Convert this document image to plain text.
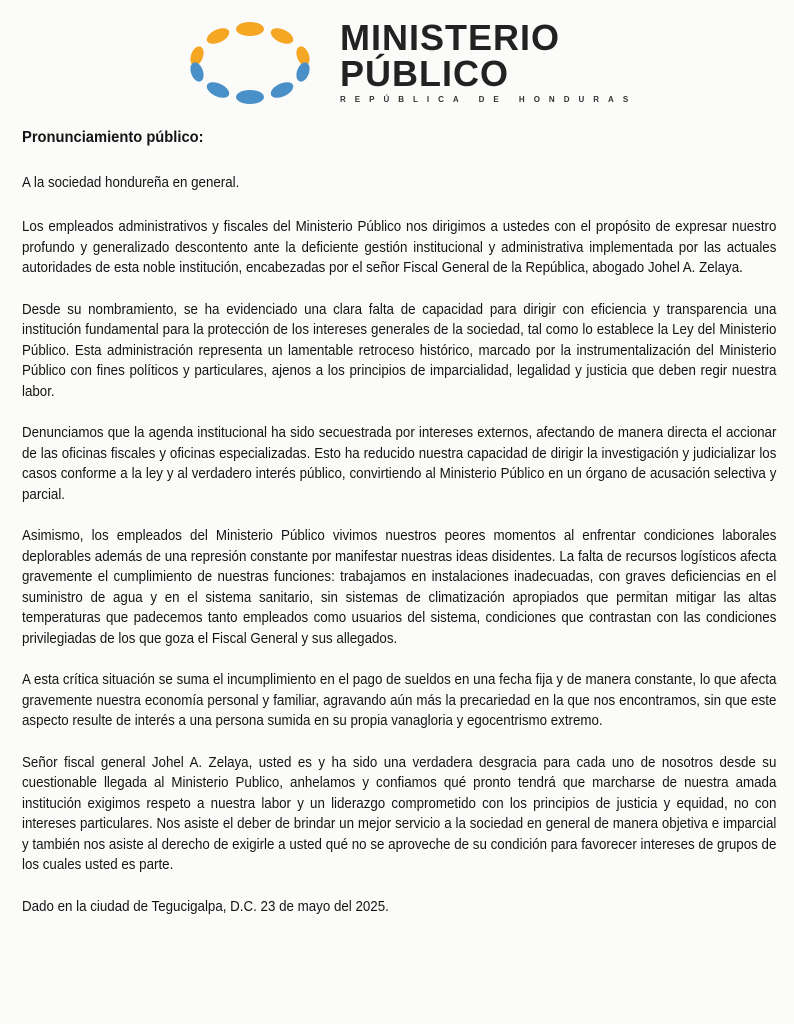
MINISTERIO
PÚBLICO
REPÚBLICA DE HONDURAS

Pronunciamiento público:

A la sociedad hondureña en general.

Los empleados administrativos y fiscales del Ministerio Público nos dirigimos a ustedes con el propósito de expresar nuestro profundo y generalizado descontento ante la deficiente gestión institucional y administrativa implementada por las actuales autoridades de esta noble institución, encabezadas por el señor Fiscal General de la República, abogado Johel A. Zelaya.

Desde su nombramiento, se ha evidenciado una clara falta de capacidad para dirigir con eficiencia y transparencia una institución fundamental para la protección de los intereses generales de la sociedad, tal como lo establece la Ley del Ministerio Público. Esta administración representa un lamentable retroceso histórico, marcado por la instrumentalización del Ministerio Público con fines políticos y particulares, ajenos a los principios de imparcialidad, legalidad y justicia que deben regir nuestra labor.

Denunciamos que la agenda institucional ha sido secuestrada por intereses externos, afectando de manera directa el accionar de las oficinas fiscales y oficinas especializadas. Esto ha reducido nuestra capacidad de dirigir la investigación y judicializar los casos conforme a la ley y al verdadero interés público, convirtiendo al Ministerio Público en un órgano de acusación selectiva y parcial.

Asimismo, los empleados del Ministerio Público vivimos nuestros peores momentos al enfrentar condiciones laborales deplorables además de una represión constante por manifestar nuestras ideas disidentes. La falta de recursos logísticos afecta gravemente el cumplimiento de nuestras funciones: trabajamos en instalaciones inadecuadas, con graves deficiencias en el suministro de agua y en el sistema sanitario, sin sistemas de climatización apropiados que permitan mitigar las altas temperaturas que padecemos tanto empleados como usuarios del sistema, condiciones que contrastan con las condiciones privilegiadas de los que goza el Fiscal General y sus allegados.

A esta crítica situación se suma el incumplimiento en el pago de sueldos en una fecha fija y de manera constante, lo que afecta gravemente nuestra economía personal y familiar, agravando aún más la precariedad en la que nos encontramos, sin que este aspecto resulte de interés a una persona sumida en su propia vanagloria y egocentrismo extremo.

Señor fiscal general Johel A. Zelaya, usted es y ha sido una verdadera desgracia para cada uno de nosotros desde su cuestionable llegada al Ministerio Publico, anhelamos y confiamos qué pronto tendrá que marcharse de nuestra amada institución exigimos respeto a nuestra labor y un liderazgo comprometido con los principios de justicia y equidad, no con intereses particulares. Nos asiste el deber de brindar un mejor servicio a la sociedad en general de manera objetiva e imparcial y también nos asiste al derecho de exigirle a usted qué no se aproveche de su condición para favorecer intereses de grupos de los cuales usted es parte.

Dado en la ciudad de Tegucigalpa, D.C. 23 de mayo del 2025.
